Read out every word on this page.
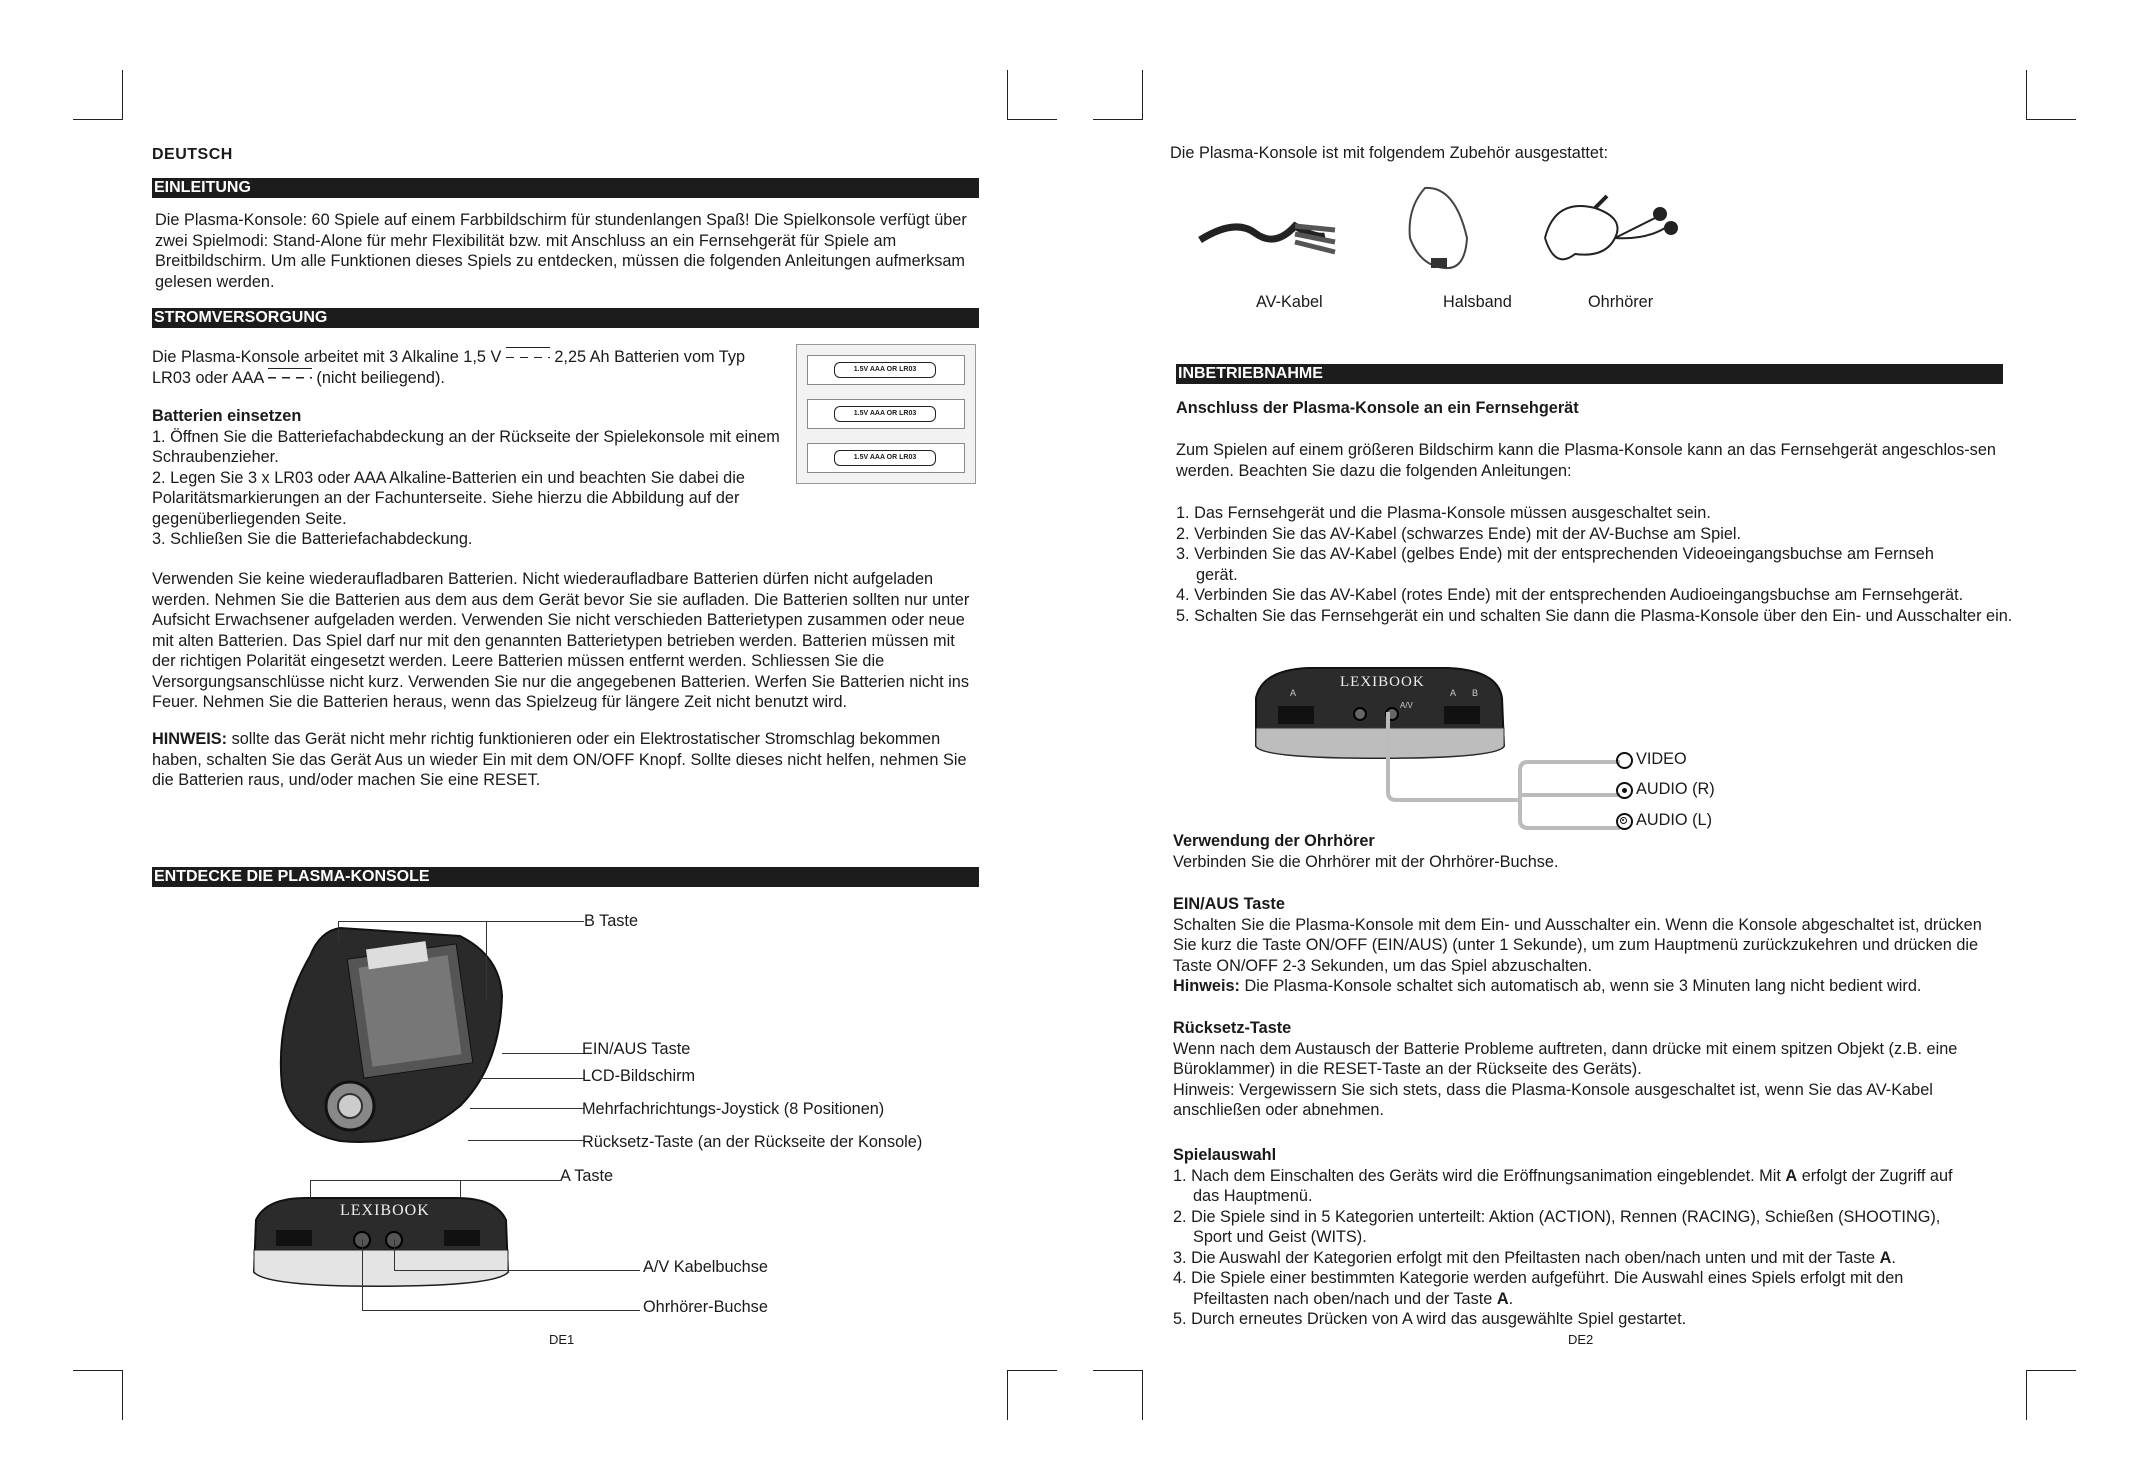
DEUTSCH
EINLEITUNG
Die Plasma-Konsole: 60 Spiele auf einem Farbbildschirm für stundenlangen Spaß! Die Spielkonsole verfügt über zwei Spielmodi: Stand-Alone für mehr Flexibilität bzw. mit Anschluss an ein Fernsehgerät für Spiele am Breitbildschirm. Um alle Funktionen dieses Spiels zu entdecken, müssen die folgenden Anleitungen aufmerksam gelesen werden.
STROMVERSORGUNG

Die Plasma-Konsole arbeitet mit 3 Alkaline 1,5 V	2,25 Ah Batterien vom Typ

LR03 oder AAA	(nicht beiliegend).	1.5V AAA OR LR03
1.5V AAA OR LR03
1.5V AAA OR LR03

Batterien einsetzen

1. Öffnen Sie die Batteriefachabdeckung an der Rückseite der Spielekonsole mit einem Schraubenzieher.

2. Legen Sie 3 x LR03 oder AAA Alkaline-Batterien ein und beachten Sie dabei die Polaritätsmarkierungen an der Fachunterseite. Siehe hierzu die Abbildung auf der gegenüberliegenden Seite.

3. Schließen Sie die Batteriefachabdeckung.

Verwenden Sie keine wiederaufladbaren Batterien. Nicht wiederaufladbare Batterien dürfen nicht aufgeladen werden. Nehmen Sie die Batterien aus dem aus dem Gerät bevor Sie sie aufladen. Die Batterien sollten nur unter Aufsicht Erwachsener aufgeladen werden. Verwenden Sie nicht verschieden Batterietypen zusammen oder neue mit alten Batterien. Das Spiel darf nur mit den genannten Batterietypen betrieben werden. Batterien müssen mit der richtigen Polarität eingesetzt werden. Leere Batterien müssen entfernt werden. Schliessen Sie die Versorgungsanschlüsse nicht kurz. Verwenden Sie nur die angegebenen Batterien. Werfen Sie Batterien nicht ins Feuer. Nehmen Sie die Batterien heraus, wenn das Spielzeug für längere Zeit nicht benutzt wird.
HINWEIS: sollte das Gerät nicht mehr richtig funktionieren oder ein Elektrostatischer Stromschlag bekommen haben, schalten Sie das Gerät Aus un wieder Ein mit dem ON/OFF Knopf. Sollte dieses nicht helfen, nehmen Sie die Batterien raus, und/oder machen Sie eine RESET.
ENTDECKE DIE PLASMA-KONSOLE
LEXIBOOK
B Taste
EIN/AUS Taste
LCD-Bildschirm
Mehrfachrichtungs-Joystick (8 Positionen)
Rücksetz-Taste (an der Rückseite der Konsole)
A Taste
A/V Kabelbuchse
Ohrhörer-Buchse
DE1
Die Plasma-Konsole ist mit folgendem Zubehör ausgestattet:
AV-Kabel	Halsband	Ohrhörer
INBETRIEBNAHME
Anschluss der Plasma-Konsole an ein Fernsehgerät
Zum Spielen auf einem größeren Bildschirm kann die Plasma-Konsole kann an das Fernsehgerät angeschlos-sen werden. Beachten Sie dazu die folgenden Anleitungen:

1. Das Fernsehgerät und die Plasma-Konsole müssen ausgeschaltet sein.

2. Verbinden Sie das AV-Kabel (schwarzes Ende) mit der AV-Buchse am Spiel.

3. Verbinden Sie das AV-Kabel (gelbes Ende) mit der entsprechenden Videoeingangsbuchse am Fernseh

gerät.

4. Verbinden Sie das AV-Kabel (rotes Ende) mit der entsprechenden Audioeingangsbuchse am Fernsehgerät.

5. Schalten Sie das Fernsehgerät ein und schalten Sie dann die Plasma-Konsole über den Ein- und Ausschalter ein.

LEXIBOOK
A	A B
A/V
VIDEO
AUDIO (R)
AUDIO (L)

Verwendung der Ohrhörer

Verbinden Sie die Ohrhörer mit der Ohrhörer-Buchse.

EIN/AUS Taste

Schalten Sie die Plasma-Konsole mit dem Ein- und Ausschalter ein. Wenn die Konsole abgeschaltet ist, drücken Sie kurz die Taste ON/OFF (EIN/AUS) (unter 1 Sekunde), um zum Hauptmenü zurückzukehren und drücken die Taste ON/OFF 2-3 Sekunden, um das Spiel abzuschalten.

Hinweis: Die Plasma-Konsole schaltet sich automatisch ab, wenn sie 3 Minuten lang nicht bedient wird.

Rücksetz-Taste

Wenn nach dem Austausch der Batterie Probleme auftreten, dann drücke mit einem spitzen Objekt (z.B. eine Büroklammer) in die RESET-Taste an der Rückseite des Geräts).

Hinweis: Vergewissern Sie sich stets, dass die Plasma-Konsole ausgeschaltet ist, wenn Sie das AV-Kabel anschließen oder abnehmen.

Spielauswahl

1. Nach dem Einschalten des Geräts wird die Eröffnungsanimation eingeblendet. Mit A erfolgt der Zugriff auf

das Hauptmenü.

2. Die Spiele sind in 5 Kategorien unterteilt: Aktion (ACTION), Rennen (RACING), Schießen (SHOOTING),

Sport und Geist (WITS).

3. Die Auswahl der Kategorien erfolgt mit den Pfeiltasten nach oben/nach unten und mit der Taste A.

4. Die Spiele einer bestimmten Kategorie werden aufgeführt. Die Auswahl eines Spiels erfolgt mit den

Pfeiltasten nach oben/nach und der Taste A.

5. Durch erneutes Drücken von A wird das ausgewählte Spiel gestartet.

DE2
